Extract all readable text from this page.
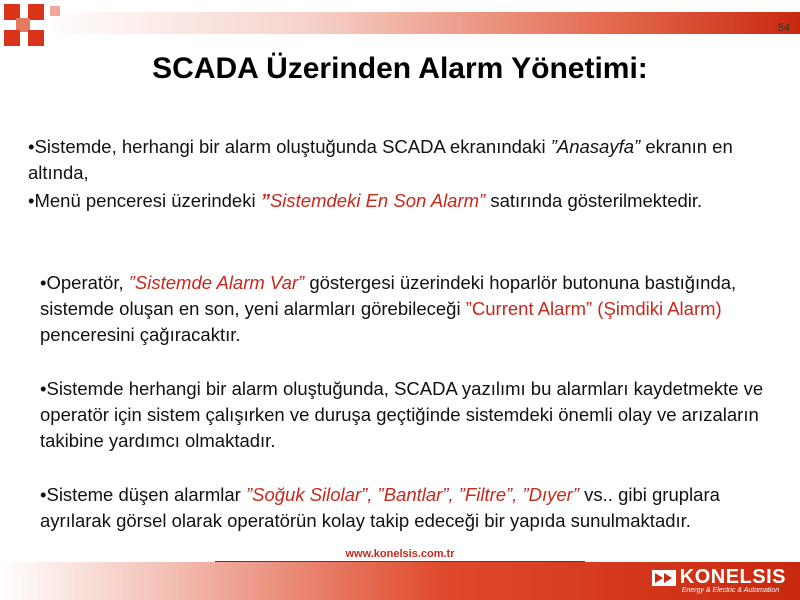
54
SCADA Üzerinden Alarm Yönetimi:
•Sistemde, herhangi bir alarm oluştuğunda SCADA ekranındaki ”Anasayfa” ekranın en altında,
•Menü penceresi üzerindeki ”Sistemdeki En Son Alarm” satırında gösterilmektedir.
•Operatör, ”Sistemde Alarm Var” göstergesi üzerindeki hoparlör butonuna bastığında, sistemde oluşan en son, yeni alarmları görebileceği ”Current Alarm” (Şimdiki Alarm) penceresini çağıracaktır.
•Sistemde herhangi bir alarm oluştuğunda, SCADA yazılımı bu alarmları kaydetmekte ve operatör için sistem çalışırken ve duruşa geçtiğinde sistemdeki önemli olay ve arızaların takibine yardımcı olmaktadır.
•Sisteme düşen alarmlar ”Soğuk Silolar”, ”Bantlar”, ”Filtre”, ”Dıyer” vs.. gibi gruplara ayrılarak görsel olarak operatörün kolay takip edeceği bir yapıda sunulmaktadır.
www.konelsis.com.tr
KONELSIS
Energy & Electric & Automation
